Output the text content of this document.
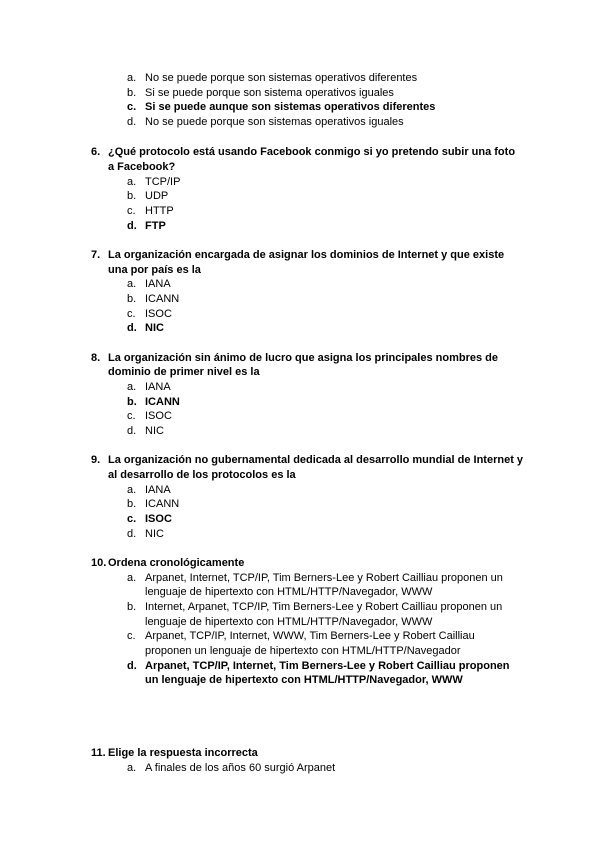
a. No se puede porque son sistemas operativos diferentes
b. Si se puede porque son sistema operativos iguales
c. Si se puede aunque son sistemas operativos diferentes
d. No se puede porque son sistemas operativos iguales
6. ¿Qué protocolo está usando Facebook conmigo si yo pretendo subir una foto
a Facebook?
a. TCP/IP
b. UDP
c. HTTP
d. FTP
7. La organización encargada de asignar los dominios de Internet y que existe
una por país es la
a. IANA
b. ICANN
c. ISOC
d. NIC
8. La organización sin ánimo de lucro que asigna los principales nombres de
dominio de primer nivel es la
a. IANA
b. ICANN
c. ISOC
d. NIC
9. La organización no gubernamental dedicada al desarrollo mundial de Internet y
al desarrollo de los protocolos es la
a. IANA
b. ICANN
c. ISOC
d. NIC
10. Ordena cronológicamente
a. Arpanet, Internet, TCP/IP, Tim Berners-Lee y Robert Cailliau proponen un
lenguaje de hipertexto con HTML/HTTP/Navegador, WWW
b. Internet, Arpanet, TCP/IP, Tim Berners-Lee y Robert Cailliau proponen un
lenguaje de hipertexto con HTML/HTTP/Navegador, WWW
c. Arpanet, TCP/IP, Internet, WWW, Tim Berners-Lee y Robert Cailliau
proponen un lenguaje de hipertexto con HTML/HTTP/Navegador
d. Arpanet, TCP/IP, Internet, Tim Berners-Lee y Robert Cailliau proponen
un lenguaje de hipertexto con HTML/HTTP/Navegador, WWW
11. Elige la respuesta incorrecta
a. A finales de los años 60 surgió Arpanet
